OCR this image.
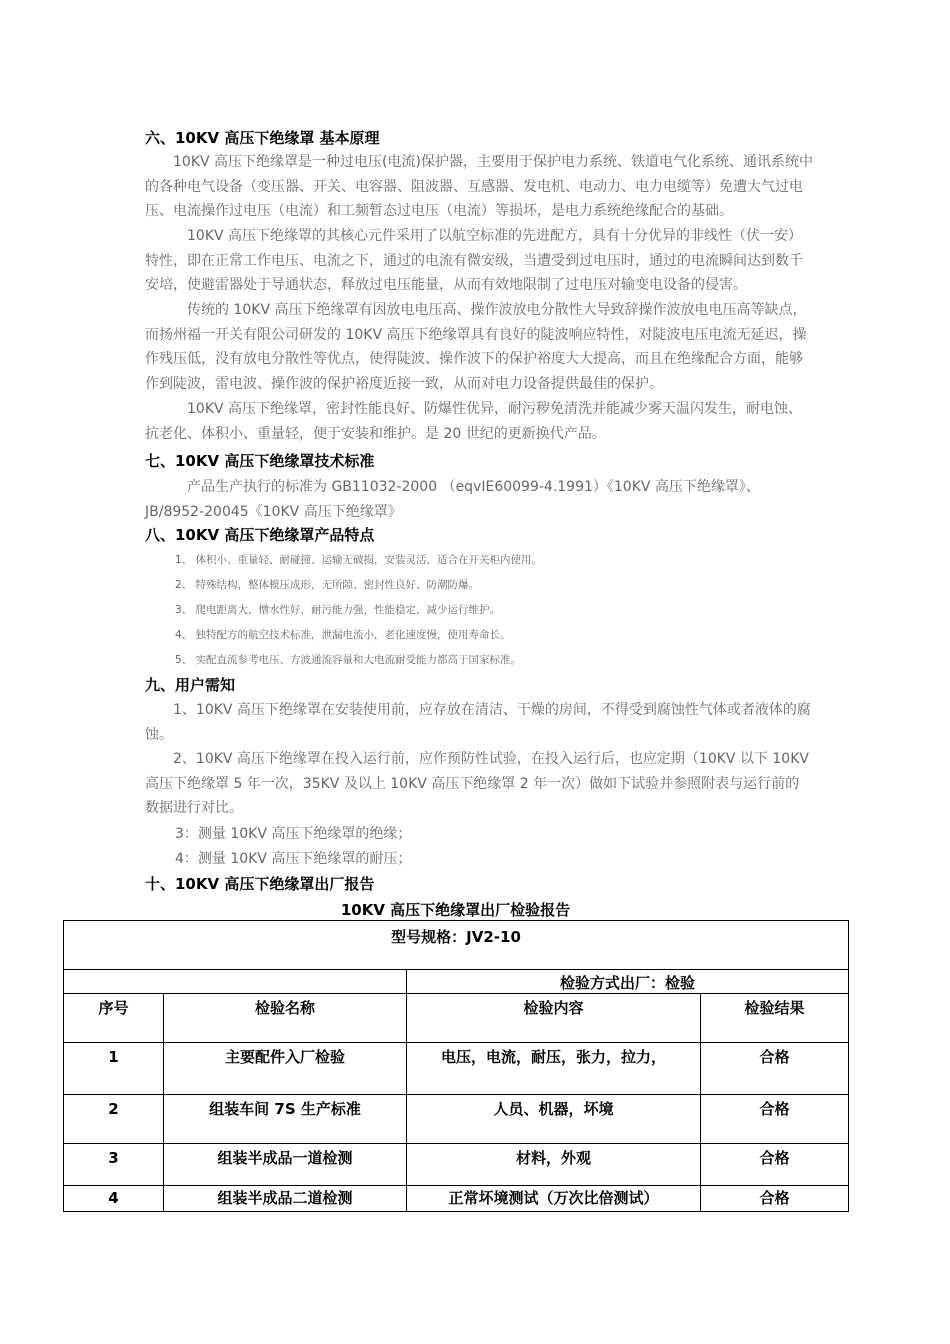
六、10KV 高压下绝缘罩 基本原理
10KV 高压下绝缘罩是一种过电压(电流)保护器，主要用于保护电力系统、铁道电气化系统、通讯系统中的各种电气设备（变压器、开关、电容器、阻波器、互感器、发电机、电动力、电力电缆等）免遭大气过电压、电流操作过电压（电流）和工频暂态过电压（电流）等损坏，是电力系统绝缘配合的基础。
10KV 高压下绝缘罩的其核心元件采用了以航空标准的先进配方，具有十分优异的非线性（伏一安）特性，即在正常工作电压、电流之下，通过的电流有微安级，当遭受到过电压时，通过的电流瞬间达到数千安培，使避雷器处于导通状态，释放过电压能量，从而有效地限制了过电压对输变电设备的侵害。
传统的 10KV 高压下绝缘罩有因放电电压高、操作波放电分散性大导致辞操作波放电电压高等缺点，而扬州福一开关有限公司研发的 10KV 高压下绝缘罩具有良好的陡波响应特性，对陡波电压电流无延迟，操作残压低，没有放电分散性等优点，使得陡波、操作波下的保护裕度大大提高，而且在绝缘配合方面，能够作到陡波，雷电波、操作波的保护裕度近接一致，从而对电力设备提供最佳的保护。
10KV 高压下绝缘罩，密封性能良好、防爆性优异，耐污秽免清洗并能减少雾天温闪发生，耐电蚀、抗老化、体积小、重量轻，便于安装和维护。是 20 世纪的更新换代产品。
七、10KV 高压下绝缘罩技术标准
产品生产执行的标准为 GB11032-2000 （eqvIE60099-4.1991）《10KV 高压下绝缘罩》、JB/8952-20045《10KV 高压下绝缘罩》
八、10KV 高压下绝缘罩产品特点
1、 体积小、重量轻、耐碰撞、运输无破损，安装灵活，适合在开关柜内使用。
2、 特殊结构，整体模压成形，无所隙、密封性良好、防潮防爆。
3、 爬电距离大，憎水性好，耐污能力强，性能稳定，减少运行维护。
4、 独特配方的航空技术标准，泄漏电流小，老化速度慢，使用寿命长。
5、 实配直流参考电压、方波通流容量和大电流耐受能力都高于国家标准。
九、用户需知
1、10KV 高压下绝缘罩在安装使用前，应存放在清洁、干燥的房间，不得受到腐蚀性气体或者液体的腐蚀。
2、10KV 高压下绝缘罩在投入运行前，应作预防性试验，在投入运行后，也应定期（10KV 以下 10KV 高压下绝缘罩 5 年一次，35KV 及以上 10KV 高压下绝缘罩 2 年一次）做如下试验并参照附表与运行前的数据进行对比。
3：测量 10KV 高压下绝缘罩的绝缘；
4：测量 10KV 高压下绝缘罩的耐压；
十、10KV 高压下绝缘罩出厂报告
10KV 高压下绝缘罩出厂检验报告
型号规格：JV2-10			
		检验方式出厂：检验	
序号	检验名称	检验内容	检验结果
1	主要配件入厂检验	电压，电流，耐压，张力，拉力，	合格
2	组装车间 7S 生产标准	人员、机器，坏境	合格
3	组装半成品一道检测	材料，外观	合格
4	组装半成品二道检测	正常坏境测试（万次比倍测试）	合格
